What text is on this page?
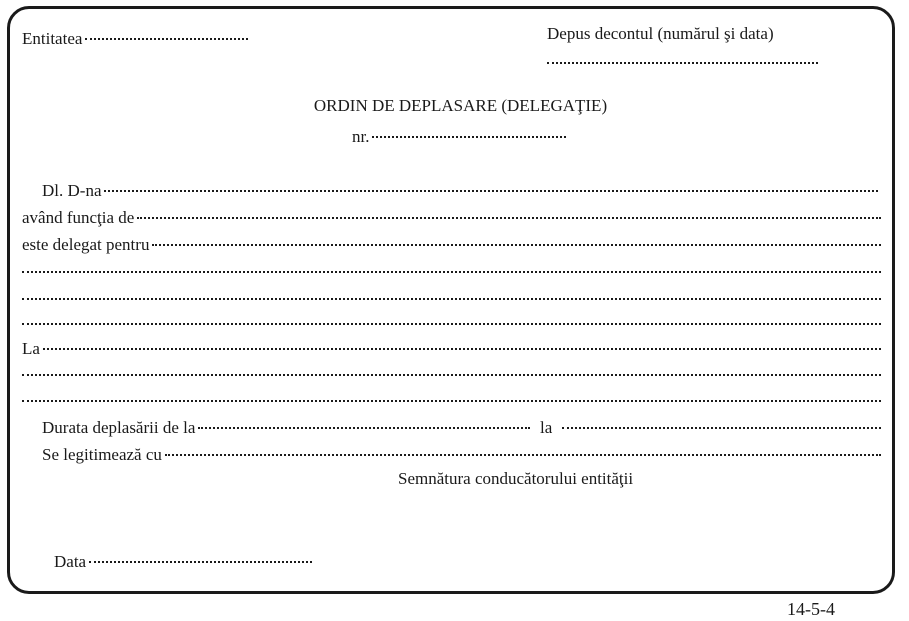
Entitatea	Depus decontul (numărul şi data)
ORDIN DE DEPLASARE (DELEGAŢIE)
nr.
Dl. D-na
având funcţia de
este delegat pentru
La
Durata deplasării de la	la
Se legitimează cu
Semnătura conducătorului entităţii
Data
14-5-4
